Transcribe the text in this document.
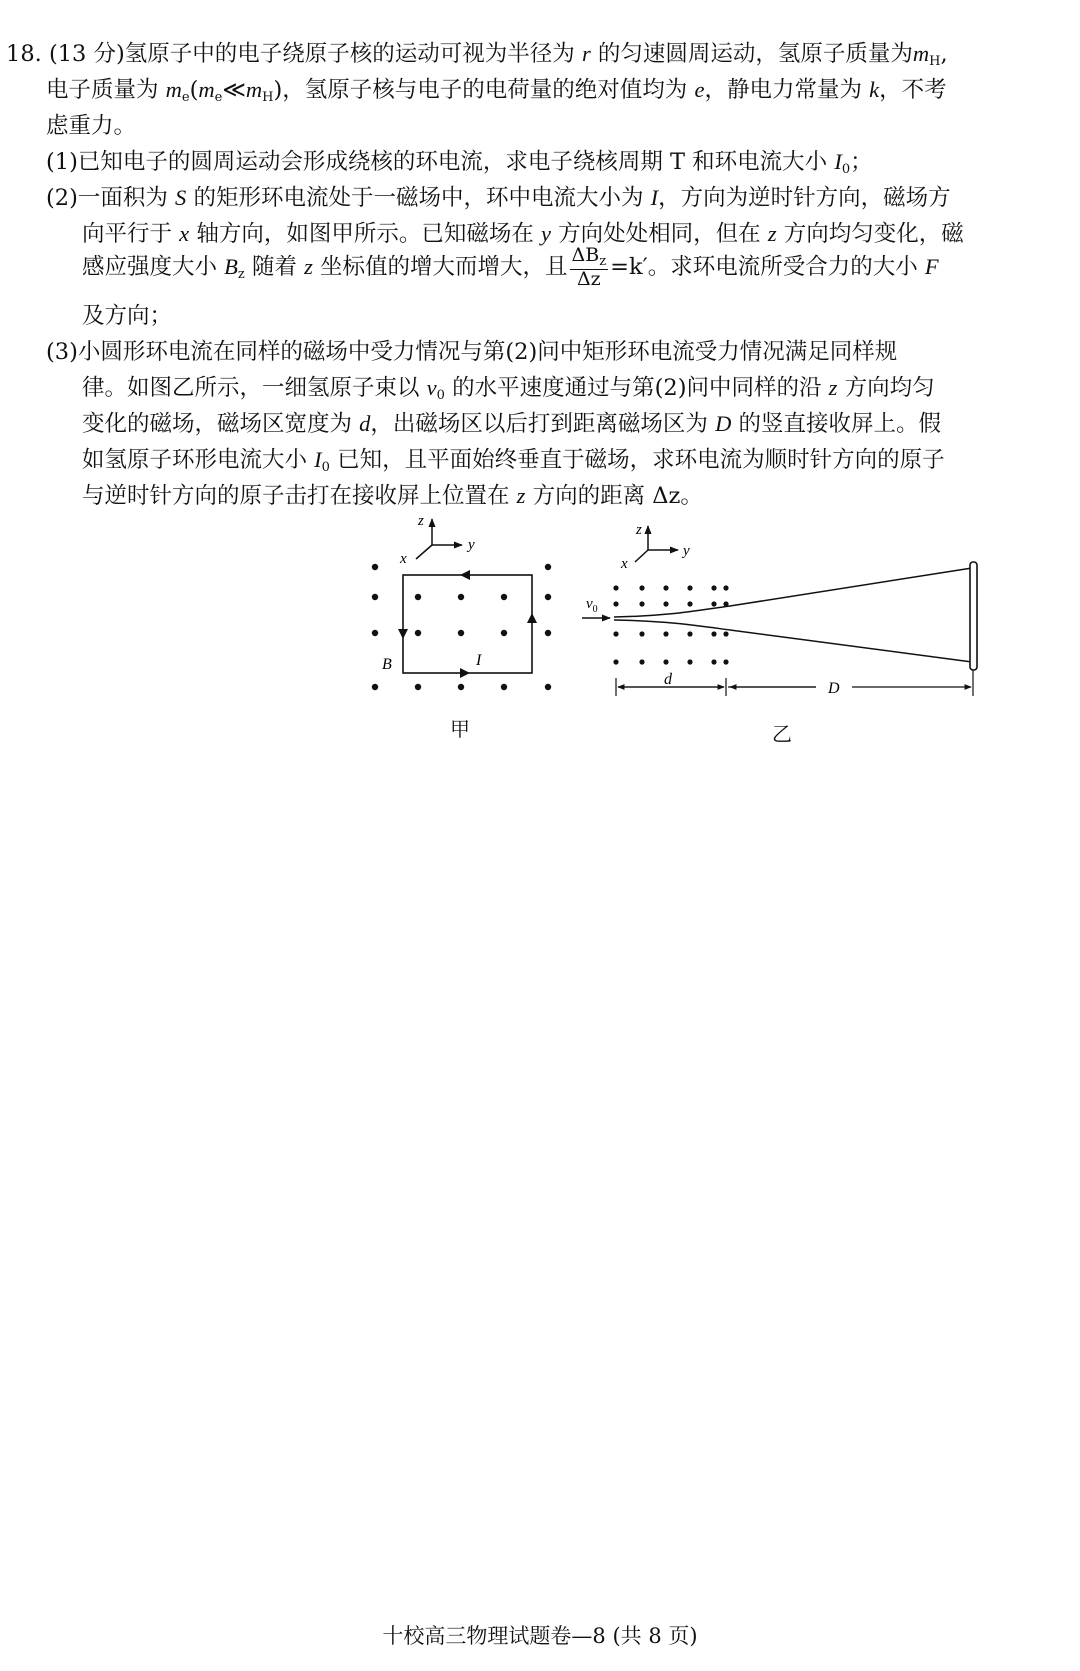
18. (13 分)氢原子中的电子绕原子核的运动可视为半径为 r 的匀速圆周运动，氢原子质量为$m_H$,
电子质量为 $m_e(m_e≪m_H)$，氢原子核与电子的电荷量的绝对值均为 e，静电力常量为 k，不考
虑重力。
(1)已知电子的圆周运动会形成绕核的环电流，求电子绕核周期 T 和环电流大小 $I_0$；
(2)一面积为 S 的矩形环电流处于一磁场中，环中电流大小为 I，方向为逆时针方向，磁场方
向平行于 x 轴方向，如图甲所示。已知磁场在 y 方向处处相同，但在 z 方向均匀变化，磁
感应强度大小 $B_z$ 随着 z 坐标值的增大而增大，且 $\frac{\Delta B_z}{\Delta z} =k'$。求环电流所受合力的大小 F
及方向；
(3)小圆形环电流在同样的磁场中受力情况与第(2)问中矩形环电流受力情况满足同样规
律。如图乙所示，一细氢原子束以 $v_0$ 的水平速度通过与第(2)问中同样的沿 z 方向均匀
变化的磁场，磁场区宽度为 d，出磁场区以后打到距离磁场区为 D 的竖直接收屏上。假
如氢原子环形电流大小 $I_0$ 已知，且平面始终垂直于磁场，求环电流为顺时针方向的原子
与逆时针方向的原子击打在接收屏上位置在 z 方向的距离 Δz。
z
y
x
B	I
甲
z
y
x
$v_0$
d
D
乙
十校高三物理试题卷—8 (共 8 页)
